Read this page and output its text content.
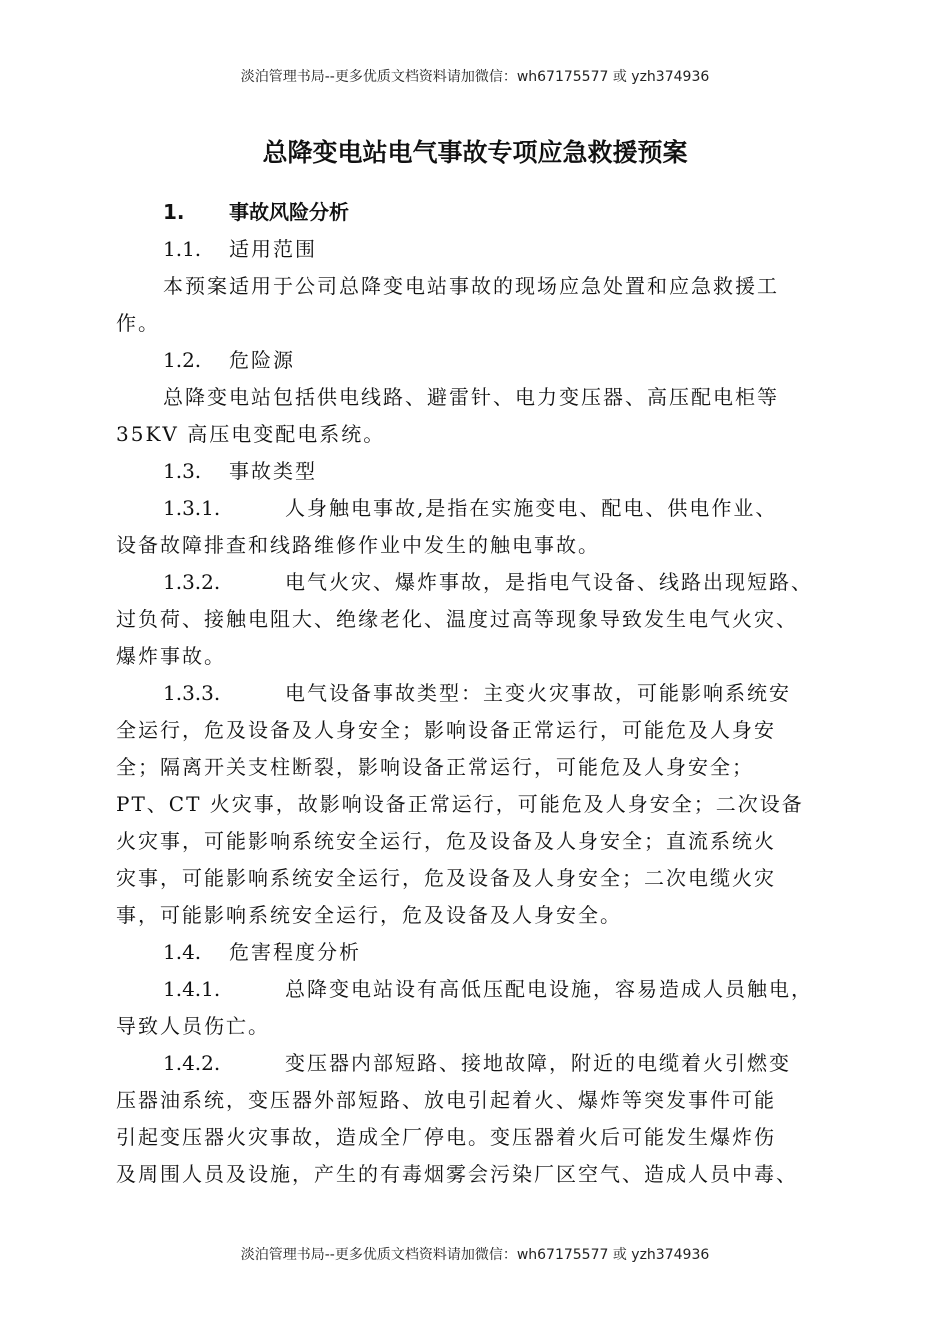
淡泊管理书局--更多优质文档资料请加微信：wh67175577 或 yzh374936
总降变电站电气事故专项应急救援预案
1. 事故风险分析
1.1. 适用范围
本预案适用于公司总降变电站事故的现场应急处置和应急救援工
作。
1.2. 危险源
总降变电站包括供电线路、避雷针、电力变压器、高压配电柜等
35KV 高压电变配电系统。
1.3. 事故类型
1.3.1.	人身触电事故,是指在实施变电、配电、供电作业、
设备故障排查和线路维修作业中发生的触电事故。
1.3.2.	电气火灾、爆炸事故，是指电气设备、线路出现短路、
过负荷、接触电阻大、绝缘老化、温度过高等现象导致发生电气火灾、
爆炸事故。
1.3.3.	电气设备事故类型：主变火灾事故，可能影响系统安
全运行，危及设备及人身安全；影响设备正常运行，可能危及人身安
全；隔离开关支柱断裂，影响设备正常运行，可能危及人身安全；
PT、CT 火灾事，故影响设备正常运行，可能危及人身安全；二次设备
火灾事，可能影响系统安全运行，危及设备及人身安全；直流系统火
灾事，可能影响系统安全运行，危及设备及人身安全；二次电缆火灾
事，可能影响系统安全运行，危及设备及人身安全。
1.4. 危害程度分析
1.4.1.	总降变电站设有高低压配电设施，容易造成人员触电，
导致人员伤亡。
1.4.2.	变压器内部短路、接地故障，附近的电缆着火引燃变
压器油系统，变压器外部短路、放电引起着火、爆炸等突发事件可能
引起变压器火灾事故，造成全厂停电。变压器着火后可能发生爆炸伤
及周围人员及设施，产生的有毒烟雾会污染厂区空气、造成人员中毒、
淡泊管理书局--更多优质文档资料请加微信：wh67175577 或 yzh374936
